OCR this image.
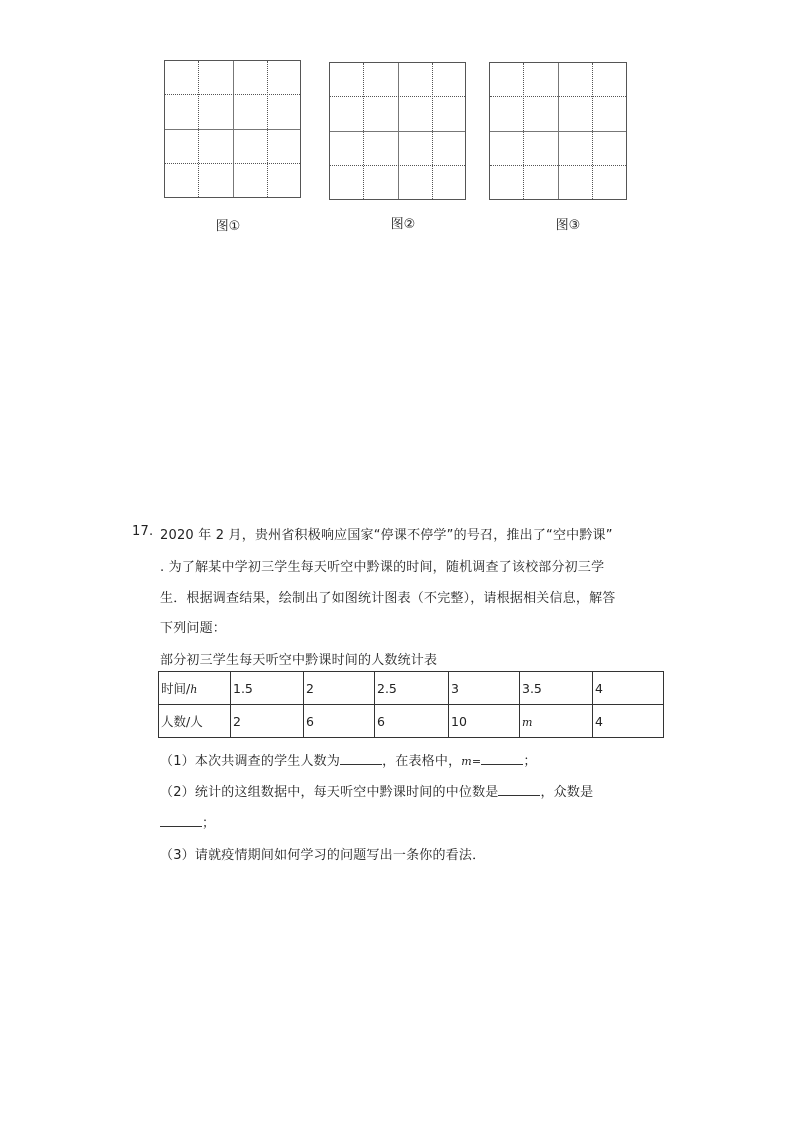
图①	图②	图③
17. 2020 年 2 月，贵州省积极响应国家“停课不停学”的号召，推出了“空中黔课”
. 为了解某中学初三学生每天听空中黔课的时间，随机调查了该校部分初三学
生．根据调查结果，绘制出了如图统计图表（不完整），请根据相关信息，解答
下列问题：
部分初三学生每天听空中黔课时间的人数统计表
时间/h	1.5	2	2.5	3	3.5	4
人数/人	2	6	6	10	m	4
（1）本次共调查的学生人数为	，在表格中，m=	；
（2）统计的这组数据中，每天听空中黔课时间的中位数是	，众数是
；
（3）请就疫情期间如何学习的问题写出一条你的看法．
